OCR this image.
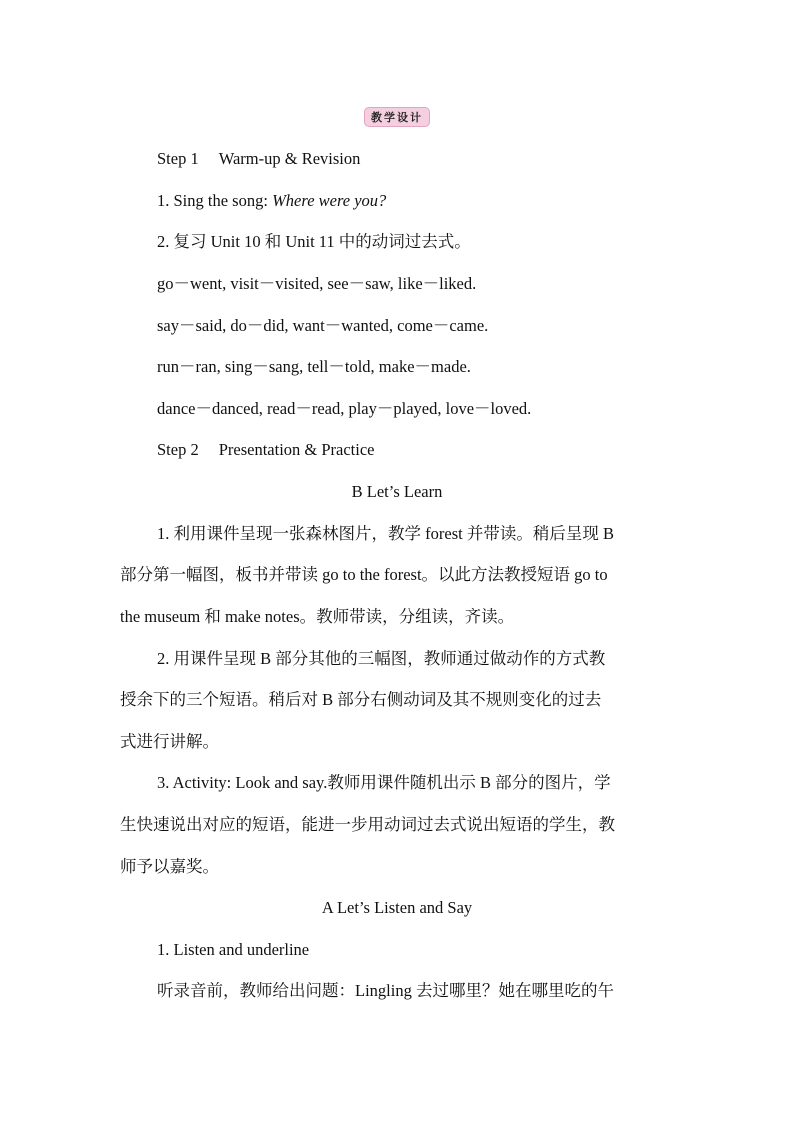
教学设计
Step 1 Warm-up & Revision
1. Sing the song: Where were you?
2. 复习 Unit 10 和 Unit 11 中的动词过去式。
go－went, visit－visited, see－saw, like－liked.
say－said, do－did, want－wanted, come－came.
run－ran, sing－sang, tell－told, make－made.
dance－danced, read－read, play－played, love－loved.
Step 2 Presentation & Practice
B Let’s Learn
1. 利用课件呈现一张森林图片，教学 forest 并带读。稍后呈现 B
部分第一幅图，板书并带读 go to the forest。以此方法教授短语 go to
the museum 和 make notes。教师带读，分组读，齐读。
2. 用课件呈现 B 部分其他的三幅图，教师通过做动作的方式教
授余下的三个短语。稍后对 B 部分右侧动词及其不规则变化的过去
式进行讲解。
3. Activity: Look and say.教师用课件随机出示 B 部分的图片，学
生快速说出对应的短语，能进一步用动词过去式说出短语的学生，教
师予以嘉奖。
A Let’s Listen and Say
1. Listen and underline
听录音前，教师给出问题：Lingling 去过哪里？她在哪里吃的午
